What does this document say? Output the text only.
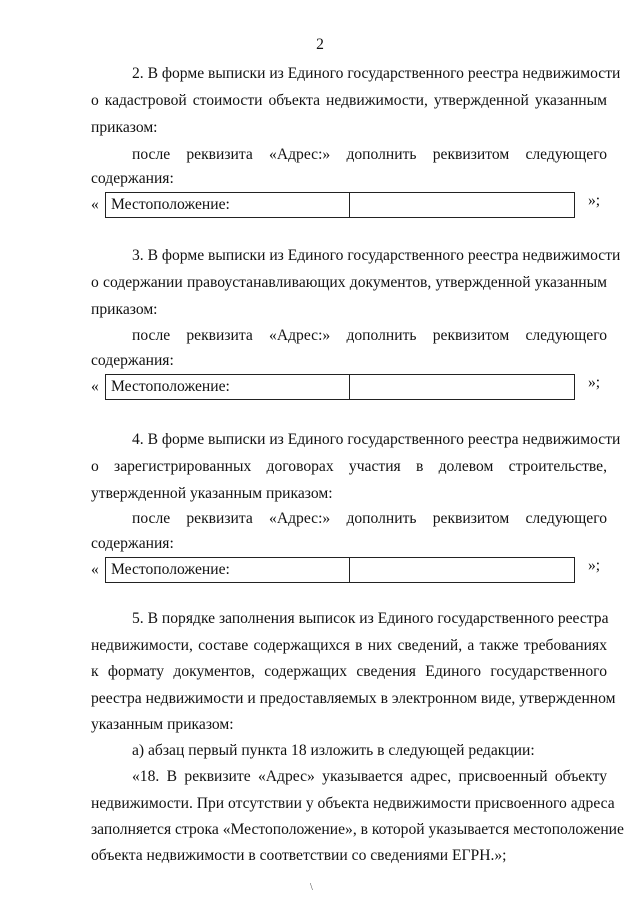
2

2. В форме выписки из Единого государственного реестра недвижимости

о кадастровой стоимости объекта недвижимости, утвержденной указанным

приказом:

после реквизита «Адрес:» дополнить реквизитом следующего

содержания:

« Местоположение:	»;

3. В форме выписки из Единого государственного реестра недвижимости

о содержании правоустанавливающих документов, утвержденной указанным

приказом:

после реквизита «Адрес:» дополнить реквизитом следующего

содержания:

« Местоположение:	»;

4. В форме выписки из Единого государственного реестра недвижимости

о зарегистрированных договорах участия в долевом строительстве,

утвержденной указанным приказом:

после реквизита «Адрес:» дополнить реквизитом следующего

содержания:

« Местоположение:	»;

5. В порядке заполнения выписок из Единого государственного реестра

недвижимости, составе содержащихся в них сведений, а также требованиях

к формату документов, содержащих сведения Единого государственного

реестра недвижимости и предоставляемых в электронном виде, утвержденном

указанным приказом:

а) абзац первый пункта 18 изложить в следующей редакции:

«18. В реквизите «Адрес» указывается адрес, присвоенный объекту

недвижимости. При отсутствии у объекта недвижимости присвоенного адреса

заполняется строка «Местоположение», в которой указывается местоположение

объекта недвижимости в соответствии со сведениями ЕГРН.»;

\
